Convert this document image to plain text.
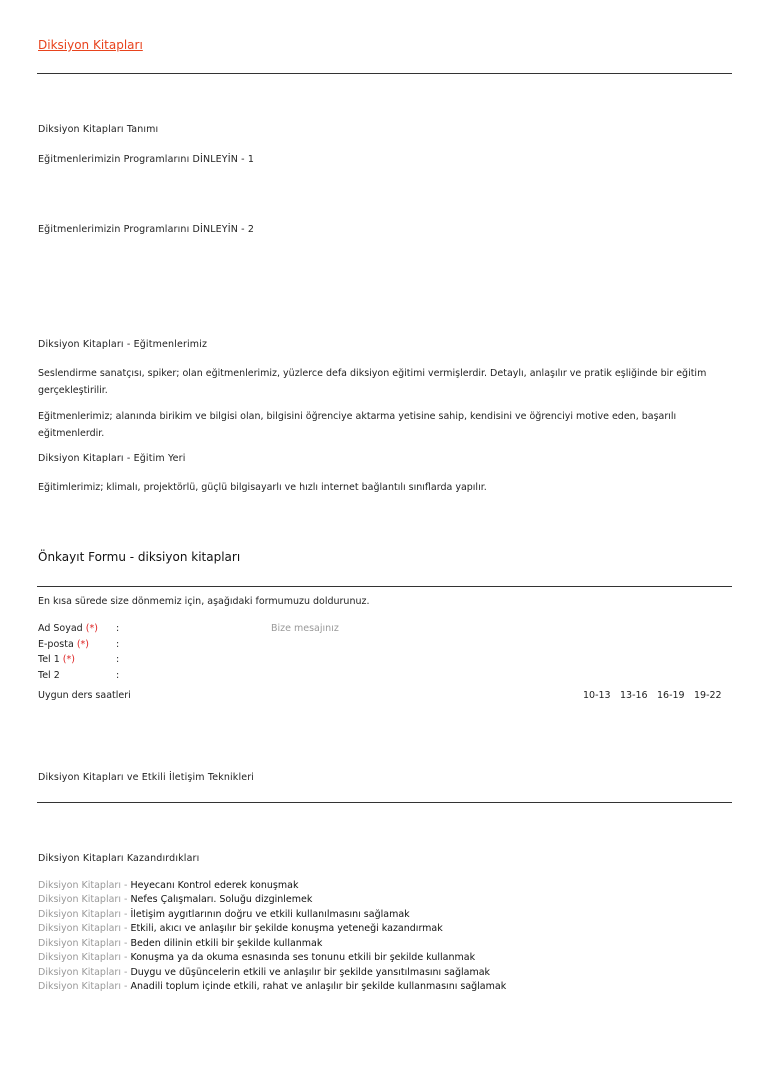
Diksiyon Kitapları
Diksiyon Kitapları Tanımı
Eğitmenlerimizin Programlarını DİNLEYİN - 1
Eğitmenlerimizin Programlarını DİNLEYİN - 2
Diksiyon Kitapları - Eğitmenlerimiz
Seslendirme sanatçısı, spiker; olan eğitmenlerimiz, yüzlerce defa diksiyon eğitimi vermişlerdir. Detaylı, anlaşılır ve pratik eşliğinde bir eğitim gerçekleştirilir.
Eğitmenlerimiz; alanında birikim ve bilgisi olan, bilgisini öğrenciye aktarma yetisine sahip, kendisini ve öğrenciyi motive eden, başarılı eğitmenlerdir.
Diksiyon Kitapları - Eğitim Yeri
Eğitimlerimiz; klimalı, projektörlü, güçlü bilgisayarlı ve hızlı internet bağlantılı sınıflarda yapılır.
Önkayıt Formu - diksiyon kitapları
En kısa sürede size dönmemiz için, aşağıdaki formumuzu doldurunuz.
Ad Soyad (*) :
E-posta (*)	:
Tel 1 (*)	:
Tel 2	:
Bize mesajınız
Uygun ders saatleri	10-13 13-16 16-19 19-22
Diksiyon Kitapları ve Etkili İletişim Teknikleri
Diksiyon Kitapları Kazandırdıkları
Diksiyon Kitapları - Heyecanı Kontrol ederek konuşmak
Diksiyon Kitapları - Nefes Çalışmaları. Soluğu dizginlemek
Diksiyon Kitapları - İletişim aygıtlarının doğru ve etkili kullanılmasını sağlamak
Diksiyon Kitapları - Etkili, akıcı ve anlaşılır bir şekilde konuşma yeteneği kazandırmak
Diksiyon Kitapları - Beden dilinin etkili bir şekilde kullanmak
Diksiyon Kitapları - Konuşma ya da okuma esnasında ses tonunu etkili bir şekilde kullanmak
Diksiyon Kitapları - Duygu ve düşüncelerin etkili ve anlaşılır bir şekilde yansıtılmasını sağlamak
Diksiyon Kitapları - Anadili toplum içinde etkili, rahat ve anlaşılır bir şekilde kullanmasını sağlamak
